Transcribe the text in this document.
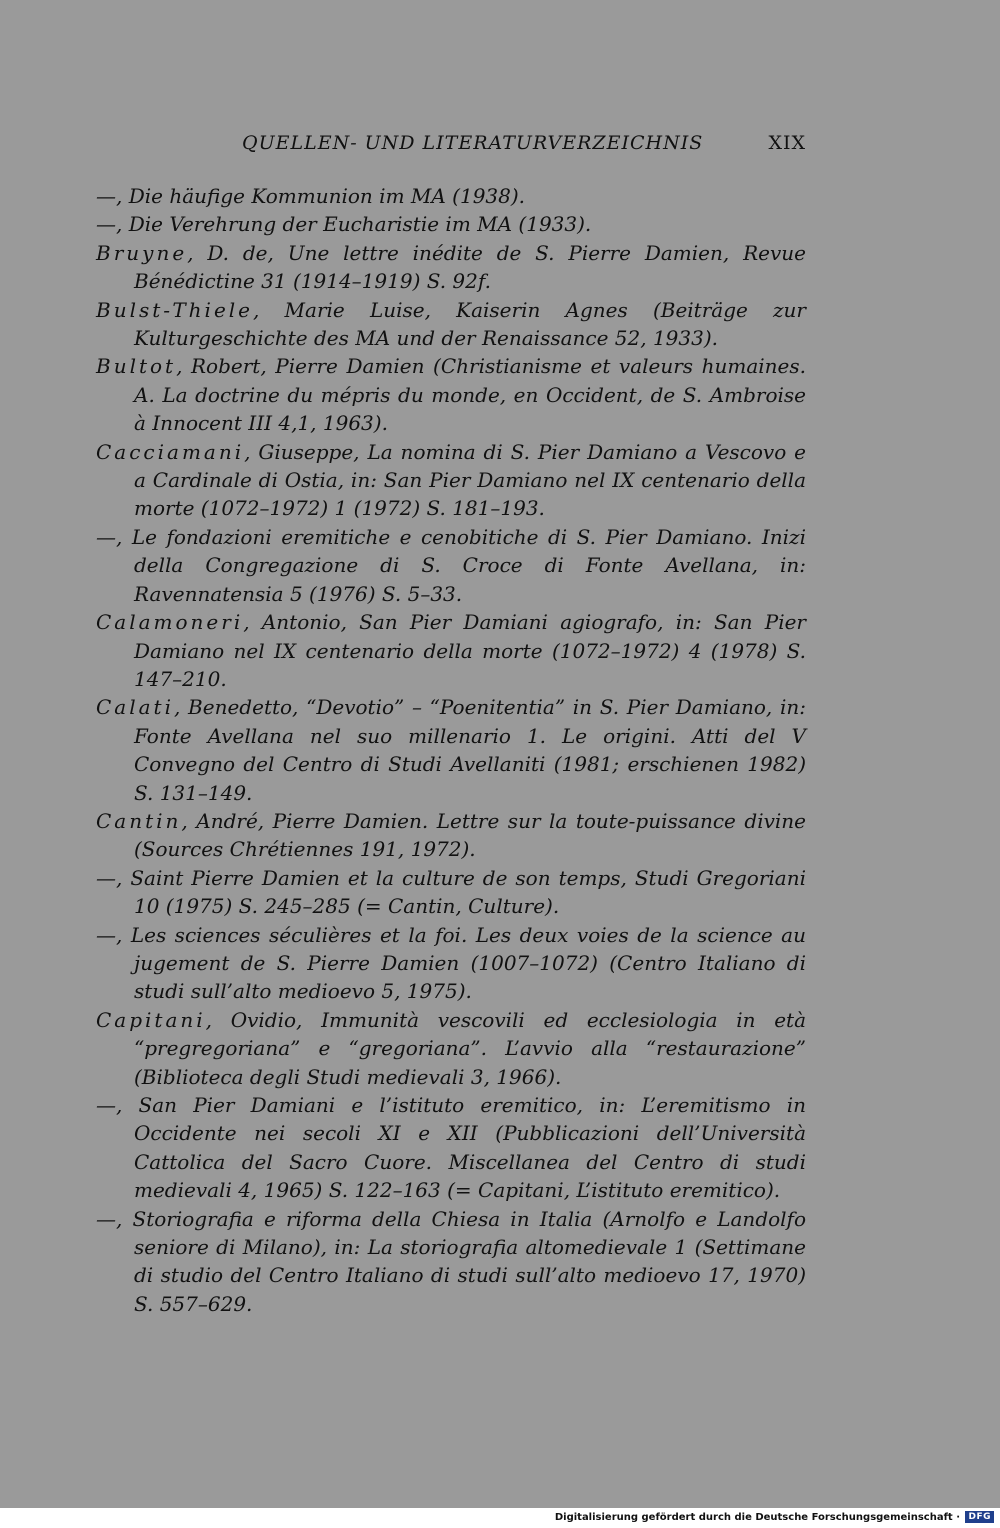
QUELLEN- UND LITERATURVERZEICHNIS	XIX
—, Die häufige Kommunion im MA (1938).
—, Die Verehrung der Eucharistie im MA (1933).
Bruyne, D. de, Une lettre inédite de S. Pierre Damien, Revue Bénédictine 31 (1914–1919) S. 92f.
Bulst-Thiele, Marie Luise, Kaiserin Agnes (Beiträge zur Kulturgeschichte des MA und der Renaissance 52, 1933).
Bultot, Robert, Pierre Damien (Christianisme et valeurs humaines. A. La doctrine du mépris du monde, en Occident, de S. Ambroise à Innocent III 4,1, 1963).
Cacciamani, Giuseppe, La nomina di S. Pier Damiano a Vescovo e a Cardinale di Ostia, in: San Pier Damiano nel IX centenario della morte (1072–1972) 1 (1972) S. 181–193.
—, Le fondazioni eremitiche e cenobitiche di S. Pier Damiano. Inizi della Congregazione di S. Croce di Fonte Avellana, in: Ravennatensia 5 (1976) S. 5–33.
Calamoneri, Antonio, San Pier Damiani agiografo, in: San Pier Damiano nel IX centenario della morte (1072–1972) 4 (1978) S. 147–210.
Calati, Benedetto, “Devotio” – “Poenitentia” in S. Pier Damiano, in: Fonte Avellana nel suo millenario 1. Le origini. Atti del V Convegno del Centro di Studi Avellaniti (1981; erschienen 1982) S. 131–149.
Cantin, André, Pierre Damien. Lettre sur la toute-puissance divine (Sources Chrétiennes 191, 1972).
—, Saint Pierre Damien et la culture de son temps, Studi Gregoriani 10 (1975) S. 245–285 (= Cantin, Culture).
—, Les sciences séculières et la foi. Les deux voies de la science au jugement de S. Pierre Damien (1007–1072) (Centro Italiano di studi sull’alto medioevo 5, 1975).
Capitani, Ovidio, Immunità vescovili ed ecclesiologia in età “pregregoriana” e “gregoriana”. L’avvio alla “restaurazione” (Biblioteca degli Studi medievali 3, 1966).
—, San Pier Damiani e l’istituto eremitico, in: L’eremitismo in Occidente nei secoli XI e XII (Pubblicazioni dell’Università Cattolica del Sacro Cuore. Miscellanea del Centro di studi medievali 4, 1965) S. 122–163 (= Capitani, L’istituto eremitico).
—, Storiografia e riforma della Chiesa in Italia (Arnolfo e Landolfo seniore di Milano), in: La storiografia altomedievale 1 (Settimane di studio del Centro Italiano di studi sull’alto medioevo 17, 1970) S. 557–629.
Digitalisierung gefördert durch die Deutsche Forschungsgemeinschaft · DFG
